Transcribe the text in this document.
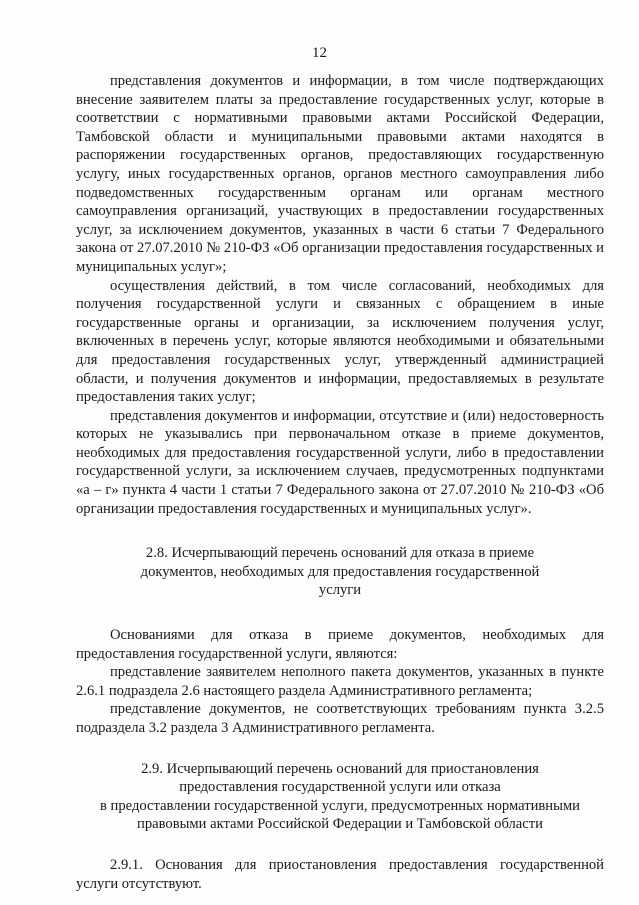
12

представления документов и информации, в том числе подтверждающих внесение заявителем платы за предоставление государственных услуг, которые в соответствии с нормативными правовыми актами Российской Федерации, Тамбовской области и муниципальными правовыми актами находятся в распоряжении государственных органов, предоставляющих государственную услугу, иных государственных органов, органов местного самоуправления либо подведомственных государственным органам или органам местного самоуправления организаций, участвующих в предоставлении государственных услуг, за исключением документов, указанных в части 6 статьи 7 Федерального закона от 27.07.2010 № 210-ФЗ «Об организации предоставления государственных и муниципальных услуг»;

осуществления действий, в том числе согласований, необходимых для получения государственной услуги и связанных с обращением в иные государственные органы и организации, за исключением получения услуг, включенных в перечень услуг, которые являются необходимыми и обязательными для предоставления государственных услуг, утвержденный администрацией области, и получения документов и информации, предоставляемых в результате предоставления таких услуг;

представления документов и информации, отсутствие и (или) недостоверность которых не указывались при первоначальном отказе в приеме документов, необходимых для предоставления государственной услуги, либо в предоставлении государственной услуги, за исключением случаев, предусмотренных подпунктами «а – г» пункта 4 части 1 статьи 7 Федерального закона от 27.07.2010 № 210-ФЗ «Об организации предоставления государственных и муниципальных услуг».

2.8. Исчерпывающий перечень оснований для отказа в приеме

документов, необходимых для предоставления государственной

услуги

Основаниями для отказа в приеме документов, необходимых для предоставления государственной услуги, являются:

представление заявителем неполного пакета документов, указанных в пункте 2.6.1 подраздела 2.6 настоящего раздела Административного регламента;

представление документов, не соответствующих требованиям пункта 3.2.5 подраздела 3.2 раздела 3 Административного регламента.

2.9. Исчерпывающий перечень оснований для приостановления

предоставления государственной услуги или отказа

в предоставлении государственной услуги, предусмотренных нормативными

правовыми актами Российской Федерации и Тамбовской области

2.9.1. Основания для приостановления предоставления государственной услуги отсутствуют.
